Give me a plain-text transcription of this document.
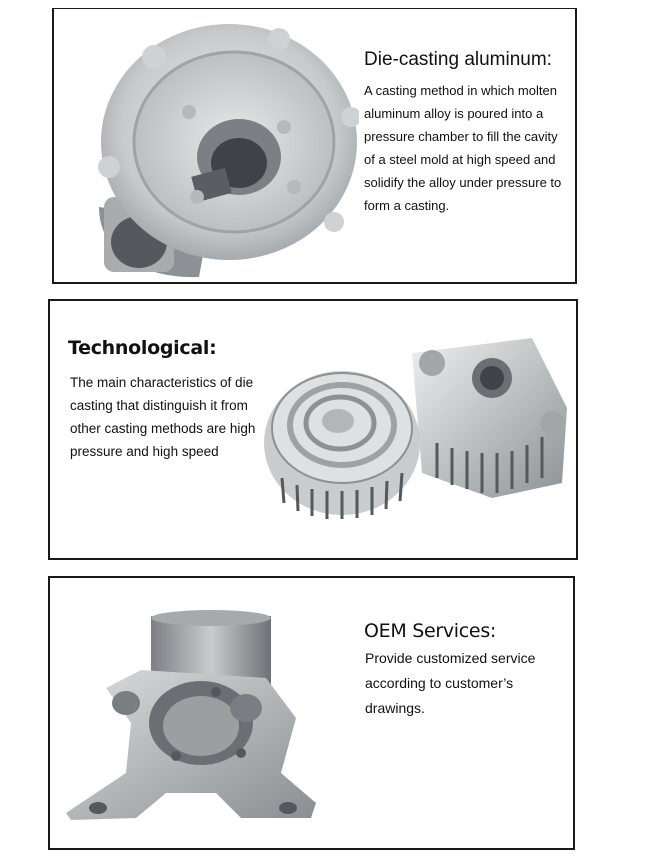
Die-casting aluminum:

A casting method in which molten aluminum alloy is poured into a pressure chamber to fill the cavity of a steel mold at high speed and solidify the alloy under pressure to form a casting.

Technological:

The main characteristics of die casting that distinguish it from other casting methods are high pressure and high speed

OEM Services:

Provide customized service according to customer’s drawings.
